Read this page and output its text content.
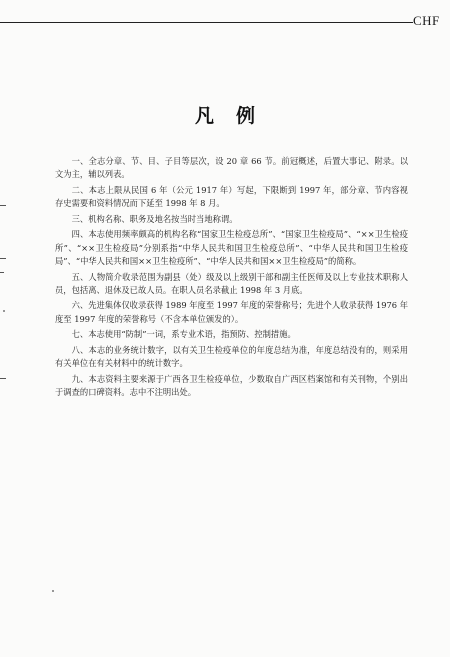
CHF
凡例

一、全志分章、节、目、子目等层次，设 20 章 66 节。前冠概述，后置大事记、附录。以文为主，辅以列表。

二、本志上限从民国 6 年（公元 1917 年）写起，下限断到 1997 年，部分章、节内容视存史需要和资料情况而下延至 1998 年 8 月。

三、机构名称、职务及地名按当时当地称谓。

四、本志使用频率颇高的机构名称“国家卫生检疫总所”、“国家卫生检疫局”、“××卫生检疫所”、“××卫生检疫局”分别系指“中华人民共和国卫生检疫总所”、“中华人民共和国卫生检疫局”、“中华人民共和国××卫生检疫所”、“中华人民共和国××卫生检疫局”的简称。

五、人物简介收录范围为副县（处）级及以上级别干部和副主任医师及以上专业技术职称人员，包括离、退休及已故人员。在职人员名录截止 1998 年 3 月底。

六、先进集体仅收录获得 1989 年度至 1997 年度的荣誉称号；先进个人收录获得 1976 年度至 1997 年度的荣誉称号（不含本单位颁发的）。

七、本志使用“防制”一词，系专业术语，指预防、控制措施。

八、本志的业务统计数字，以有关卫生检疫单位的年度总结为准，年度总结没有的，则采用有关单位在有关材料中的统计数字。

九、本志资料主要来源于广西各卫生检疫单位，少数取自广西区档案馆和有关刊物，个别出于调查的口碑资料。志中不注明出处。
